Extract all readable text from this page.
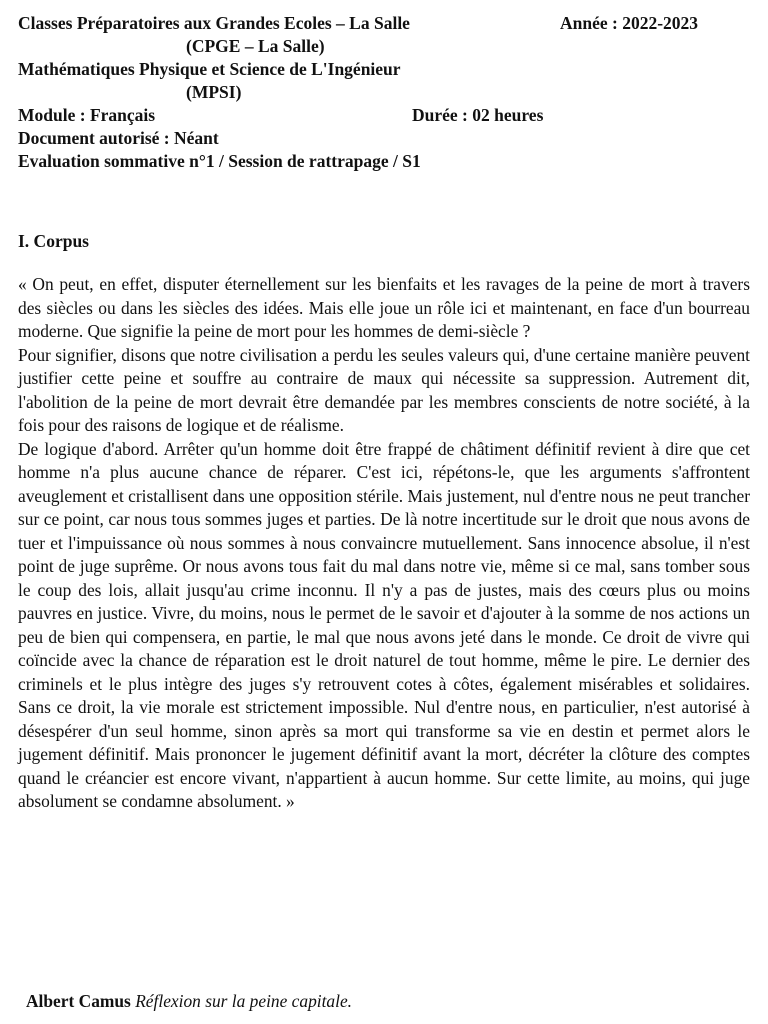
Classes Préparatoires aux Grandes Ecoles – La Salle	Année : 2022-2023
(CPGE – La Salle)
Mathématiques Physique et Science de L'Ingénieur
(MPSI)
Module : Français	Durée : 02 heures
Document autorisé : Néant
Evaluation sommative n°1 / Session de rattrapage / S1
I. Corpus

« On peut, en effet, disputer éternellement sur les bienfaits et les ravages de la peine de mort à travers des siècles ou dans les siècles des idées. Mais elle joue un rôle ici et maintenant, en face d'un bourreau moderne. Que signifie la peine de mort pour les hommes de demi-siècle ?

Pour signifier, disons que notre civilisation a perdu les seules valeurs qui, d'une certaine manière peuvent justifier cette peine et souffre au contraire de maux qui nécessite sa suppression. Autrement dit, l'abolition de la peine de mort devrait être demandée par les membres conscients de notre société, à la fois pour des raisons de logique et de réalisme.

De logique d'abord. Arrêter qu'un homme doit être frappé de châtiment définitif revient à dire que cet homme n'a plus aucune chance de réparer. C'est ici, répétons-le, que les arguments s'affrontent aveuglement et cristallisent dans une opposition stérile. Mais justement, nul d'entre nous ne peut trancher sur ce point, car nous tous sommes juges et parties. De là notre incertitude sur le droit que nous avons de tuer et l'impuissance où nous sommes à nous convaincre mutuellement. Sans innocence absolue, il n'est point de juge suprême. Or nous avons tous fait du mal dans notre vie, même si ce mal, sans tomber sous le coup des lois, allait jusqu'au crime inconnu. Il n'y a pas de justes, mais des cœurs plus ou moins pauvres en justice. Vivre, du moins, nous le permet de le savoir et d'ajouter à la somme de nos actions un peu de bien qui compensera, en partie, le mal que nous avons jeté dans le monde. Ce droit de vivre qui coïncide avec la chance de réparation est le droit naturel de tout homme, même le pire. Le dernier des criminels et le plus intègre des juges s'y retrouvent cotes à côtes, également misérables et solidaires. Sans ce droit, la vie morale est strictement impossible. Nul d'entre nous, en particulier, n'est autorisé à désespérer d'un seul homme, sinon après sa mort qui transforme sa vie en destin et permet alors le jugement définitif. Mais prononcer le jugement définitif avant la mort, décréter la clôture des comptes quand le créancier est encore vivant, n'appartient à aucun homme. Sur cette limite, au moins, qui juge absolument se condamne absolument. »

Albert Camus Réflexion sur la peine capitale.
